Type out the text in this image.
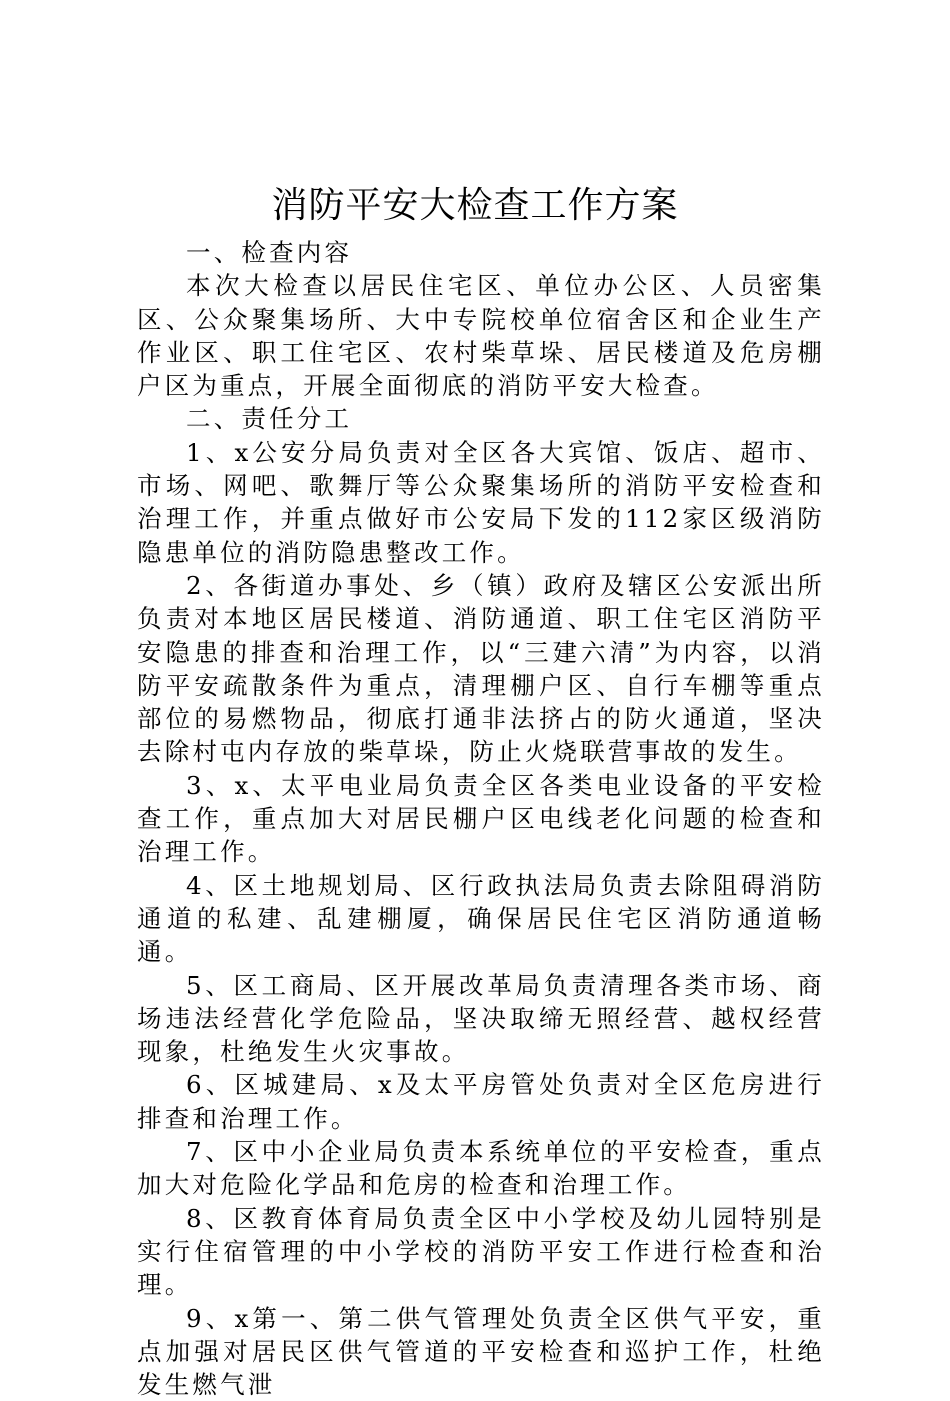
消防平安大检查工作方案

一、检查内容

本次大检查以居民住宅区、单位办公区、人员密集区、公众聚集场所、大中专院校单位宿舍区和企业生产作业区、职工住宅区、农村柴草垛、居民楼道及危房棚户区为重点，开展全面彻底的消防平安大检查。

二、责任分工

1、x公安分局负责对全区各大宾馆、饭店、超市、市场、网吧、歌舞厅等公众聚集场所的消防平安检查和治理工作，并重点做好市公安局下发的112家区级消防隐患单位的消防隐患整改工作。

2、各街道办事处、乡（镇）政府及辖区公安派出所负责对本地区居民楼道、消防通道、职工住宅区消防平安隐患的排查和治理工作，以“三建六清”为内容，以消防平安疏散条件为重点，清理棚户区、自行车棚等重点部位的易燃物品，彻底打通非法挤占的防火通道，坚决去除村屯内存放的柴草垛，防止火烧联营事故的发生。

3、x、太平电业局负责全区各类电业设备的平安检查工作，重点加大对居民棚户区电线老化问题的检查和治理工作。

4、区土地规划局、区行政执法局负责去除阻碍消防通道的私建、乱建棚厦，确保居民住宅区消防通道畅通。

5、区工商局、区开展改革局负责清理各类市场、商场违法经营化学危险品，坚决取缔无照经营、越权经营现象，杜绝发生火灾事故。

6、区城建局、x及太平房管处负责对全区危房进行排查和治理工作。

7、区中小企业局负责本系统单位的平安检查，重点加大对危险化学品和危房的检查和治理工作。

8、区教育体育局负责全区中小学校及幼儿园特别是实行住宿管理的中小学校的消防平安工作进行检查和治理。

9、x第一、第二供气管理处负责全区供气平安，重点加强对居民区供气管道的平安检查和巡护工作，杜绝发生燃气泄
